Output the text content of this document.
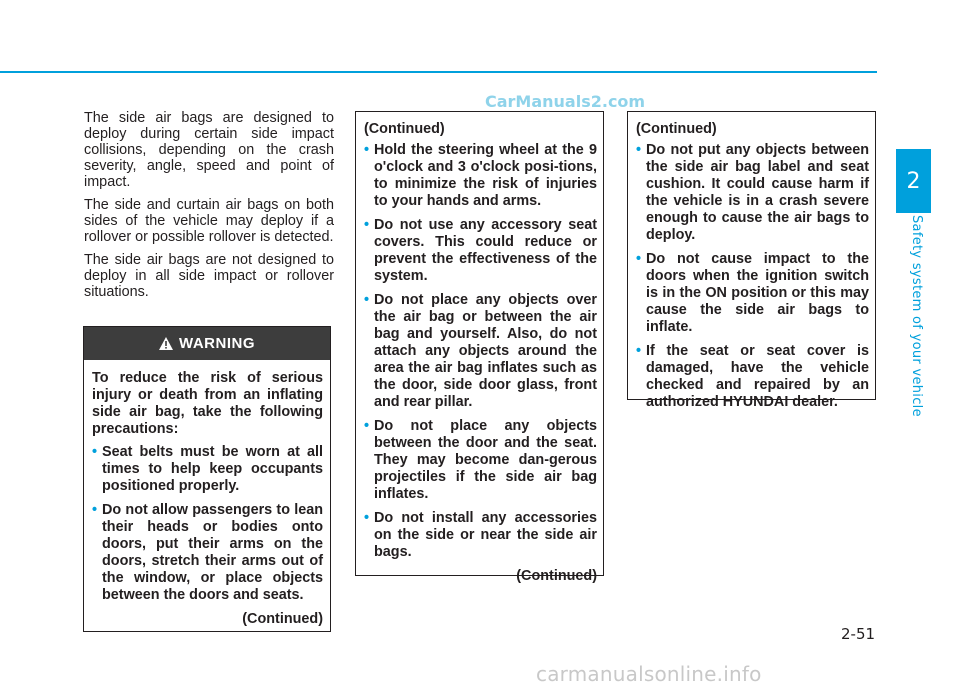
CarManuals2.com
2
Safety system of your vehicle
2-51

The side air bags are designed to deploy during certain side impact collisions, depending on the crash severity, angle, speed and point of impact.

The side and curtain air bags on both sides of the vehicle may deploy if a rollover or possible rollover is detected.

The side air bags are not designed to deploy in all side impact or rollover situations.

WARNING

To reduce the risk of serious injury or death from an inflating side air bag, take the following precautions:

• Seat belts must be worn at all times to help keep occupants positioned properly.
• Do not allow passengers to lean their heads or bodies onto doors, put their arms on the doors, stretch their arms out of the window, or place objects between the doors and seats.
(Continued)

(Continued)

• Hold the steering wheel at the 9 o'clock and 3 o'clock posi-tions, to minimize the risk of injuries to your hands and arms.
• Do not use any accessory seat covers. This could reduce or prevent the effectiveness of the system.
• Do not place any objects over the air bag or between the air bag and yourself. Also, do not attach any objects around the area the air bag inflates such as the door, side door glass, front and rear pillar.
• Do not place any objects between the door and the seat. They may become dan-gerous projectiles if the side air bag inflates.
• Do not install any accessories on the side or near the side air bags.
(Continued)

(Continued)

• Do not put any objects between the side air bag label and seat cushion. It could cause harm if the vehicle is in a crash severe enough to cause the air bags to deploy.
• Do not cause impact to the doors when the ignition switch is in the ON position or this may cause the side air bags to inflate.
• If the seat or seat cover is damaged, have the vehicle checked and repaired by an authorized HYUNDAI dealer.
carmanualsonline.info
